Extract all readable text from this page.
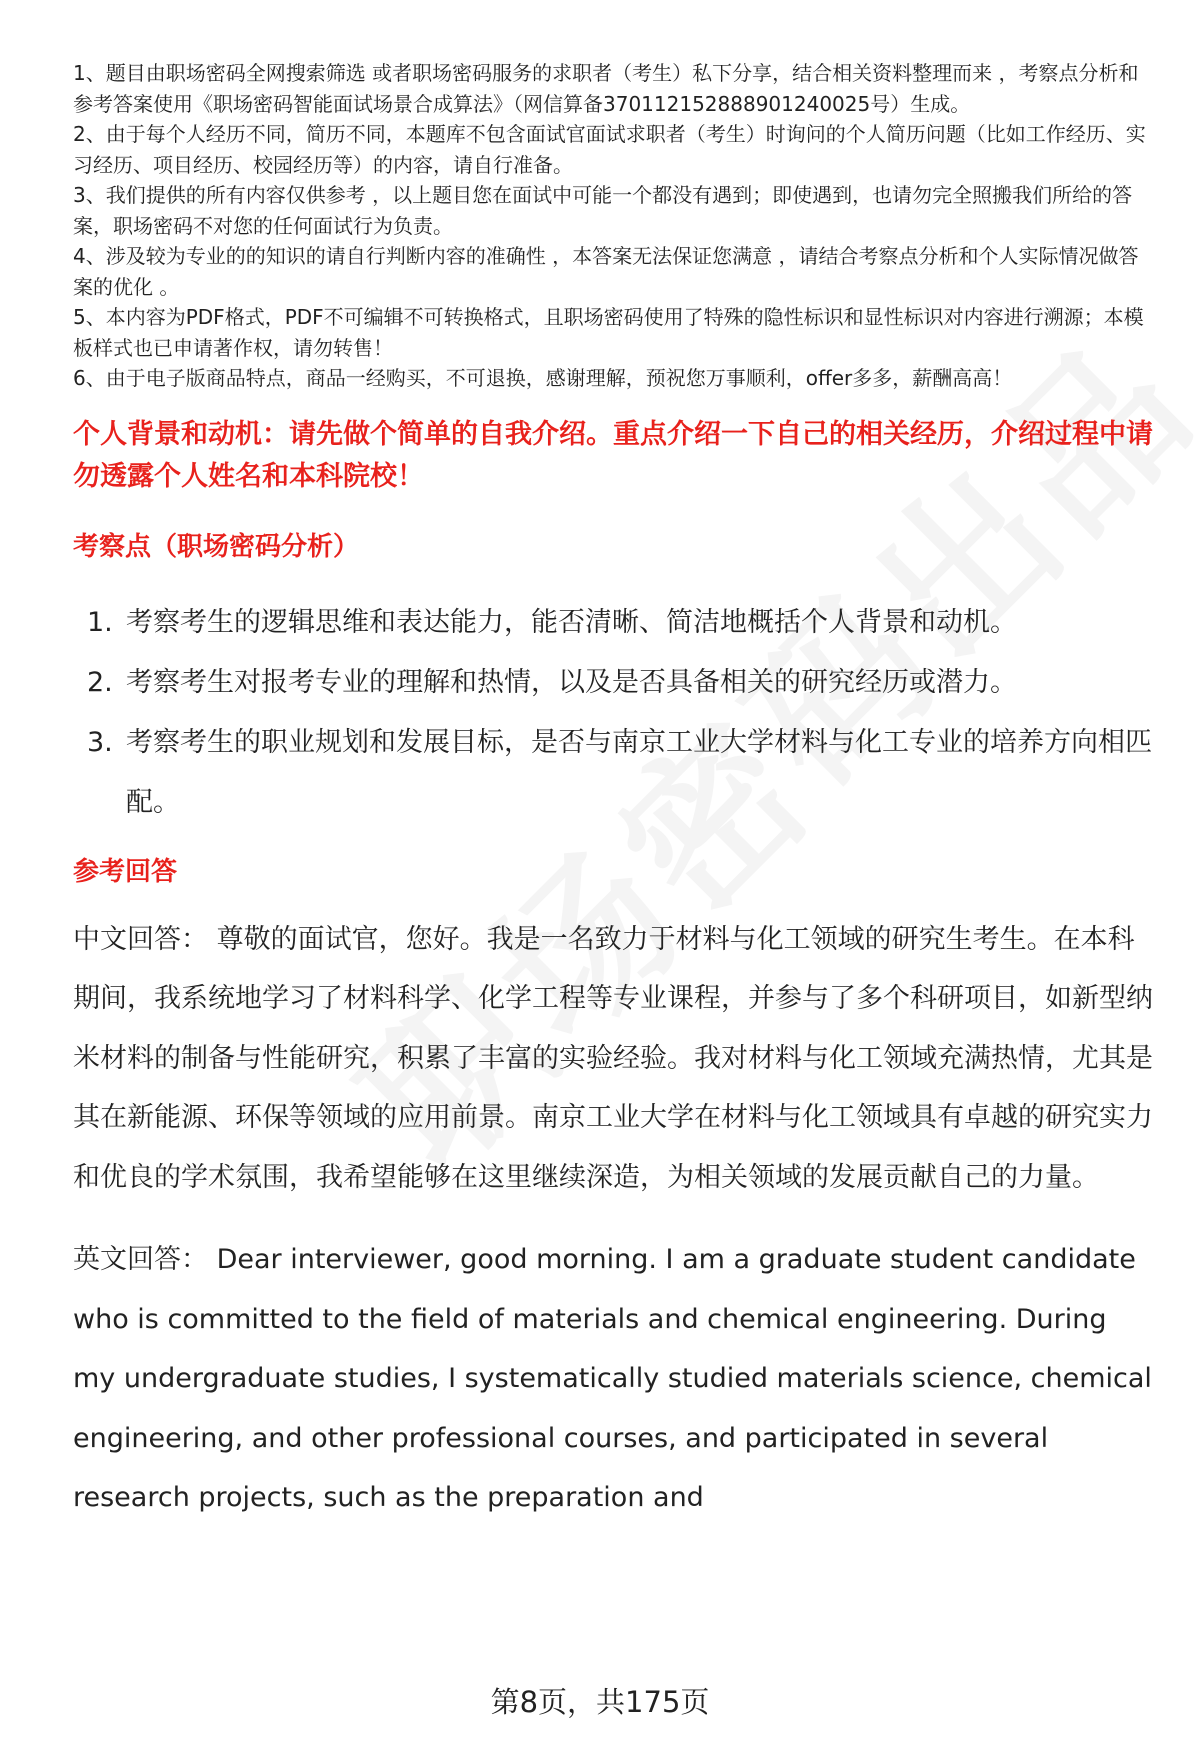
1、题目由职场密码全网搜索筛选 或者职场密码服务的求职者（考生）私下分享，结合相关资料整理而来 ，考察点分析和参考答案使用《职场密码智能面试场景合成算法》（网信算备370112152888901240025号）生成。

2、由于每个人经历不同，简历不同，本题库不包含面试官面试求职者（考生）时询问的个人简历问题（比如工作经历、实习经历、项目经历、校园经历等）的内容，请自行准备。

3、我们提供的所有内容仅供参考 ，以上题目您在面试中可能一个都没有遇到；即使遇到，也请勿完全照搬我们所给的答案，职场密码不对您的任何面试行为负责。

4、涉及较为专业的的知识的请自行判断内容的准确性 ，本答案无法保证您满意 ，请结合考察点分析和个人实际情况做答案的优化 。

5、本内容为PDF格式，PDF不可编辑不可转换格式，且职场密码使用了特殊的隐性标识和显性标识对内容进行溯源；本模板样式也已申请著作权，请勿转售！

6、由于电子版商品特点，商品一经购买，不可退换，感谢理解，预祝您万事顺利，offer多多，薪酬高高！

个人背景和动机：请先做个简单的自我介绍。重点介绍一下自己的相关经历，介绍过程中请勿透露个人姓名和本科院校！
考察点（职场密码分析）
1. 考察考生的逻辑思维和表达能力，能否清晰、简洁地概括个人背景和动机。
2. 考察考生对报考专业的理解和热情，以及是否具备相关的研究经历或潜力。
3. 考察考生的职业规划和发展目标，是否与南京工业大学材料与化工专业的培养方向相匹配。
参考回答

中文回答： 尊敬的面试官，您好。我是一名致力于材料与化工领域的研究生考生。在本科期间，我系统地学习了材料科学、化学工程等专业课程，并参与了多个科研项目，如新型纳米材料的制备与性能研究，积累了丰富的实验经验。我对材料与化工领域充满热情，尤其是其在新能源、环保等领域的应用前景。南京工业大学在材料与化工领域具有卓越的研究实力和优良的学术氛围，我希望能够在这里继续深造，为相关领域的发展贡献自己的力量。

英文回答： Dear interviewer, good morning. I am a graduate student candidate who is committed to the field of materials and chemical engineering. During my undergraduate studies, I systematically studied materials science, chemical engineering, and other professional courses, and participated in several research projects, such as the preparation and

第8页，共175页
